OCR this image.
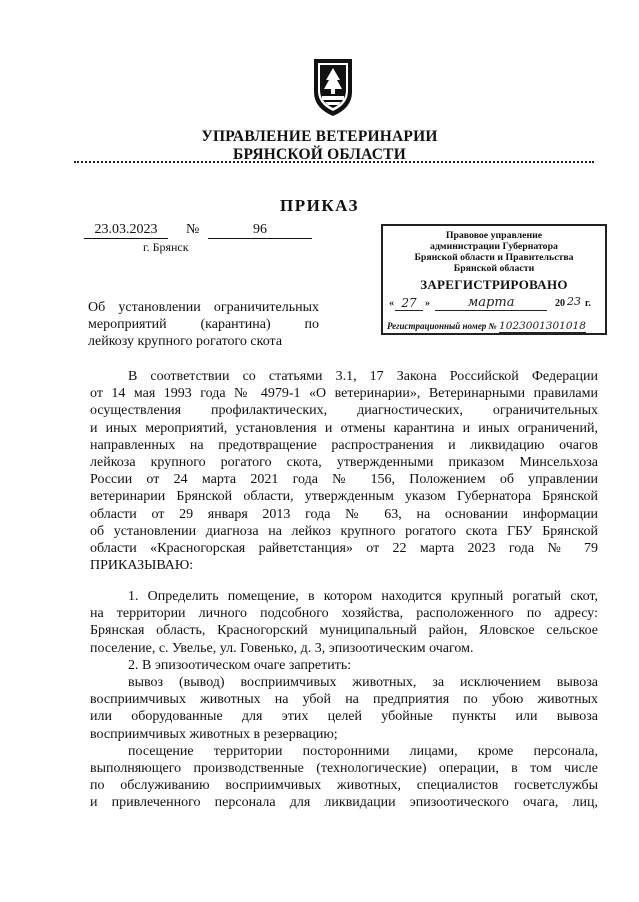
УПРАВЛЕНИЕ ВЕТЕРИНАРИИ
БРЯНСКОЙ ОБЛАСТИ
ПРИКАЗ
23.03.2023	№	96
г. Брянск
Правовое управление
администрации Губернатора
Брянской области и Правительства
Брянской области
ЗАРЕГИСТРИРОВАНО
« 27 »	марта	20 23 г.
Регистрационный номер № 1023001301018
Об установлении ограничительных
мероприятий (карантина) по
лейкозу крупного рогатого скота

В соответствии со статьями 3.1, 17 Закона Российской Федерации

от 14 мая 1993 года № 4979-1 «О ветеринарии», Ветеринарными правилами

осуществления профилактических, диагностических, ограничительных

и иных мероприятий, установления и отмены карантина и иных ограничений,

направленных на предотвращение распространения и ликвидацию очагов

лейкоза крупного рогатого скота, утвержденными приказом Минсельхоза

России от 24 марта 2021 года № 156, Положением об управлении

ветеринарии Брянской области, утвержденным указом Губернатора Брянской

области от 29 января 2013 года № 63, на основании информации

об установлении диагноза на лейкоз крупного рогатого скота ГБУ Брянской

области «Красногорская райветстанция» от 22 марта 2023 года № 79

ПРИКАЗЫВАЮ:

1. Определить помещение, в котором находится крупный рогатый скот,

на территории личного подсобного хозяйства, расположенного по адресу:

Брянская область, Красногорский муниципальный район, Яловское сельское

поселение, с. Увелье, ул. Говенько, д. 3, эпизоотическим очагом.

2. В эпизоотическом очаге запретить:

вывоз (вывод) восприимчивых животных, за исключением вывоза

восприимчивых животных на убой на предприятия по убою животных

или оборудованные для этих целей убойные пункты или вывоза

восприимчивых животных в резервацию;

посещение территории посторонними лицами, кроме персонала,

выполняющего производственные (технологические) операции, в том числе

по обслуживанию восприимчивых животных, специалистов госветслужбы

и привлеченного персонала для ликвидации эпизоотического очага, лиц,
